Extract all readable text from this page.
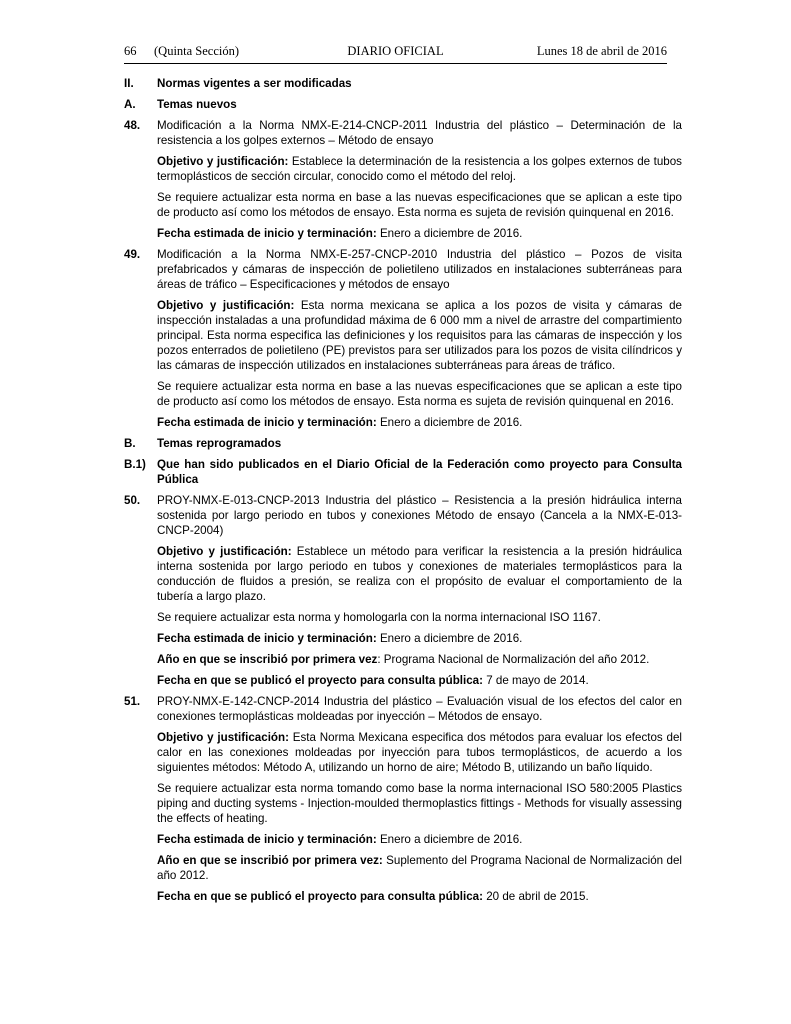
66 (Quinta Sección)	DIARIO OFICIAL	Lunes 18 de abril de 2016
II. Normas vigentes a ser modificadas
A. Temas nuevos
48. Modificación a la Norma NMX-E-214-CNCP-2011 Industria del plástico – Determinación de la resistencia a los golpes externos – Método de ensayo
Objetivo y justificación: Establece la determinación de la resistencia a los golpes externos de tubos termoplásticos de sección circular, conocido como el método del reloj.
Se requiere actualizar esta norma en base a las nuevas especificaciones que se aplican a este tipo de producto así como los métodos de ensayo. Esta norma es sujeta de revisión quinquenal en 2016.
Fecha estimada de inicio y terminación: Enero a diciembre de 2016.
49. Modificación a la Norma NMX-E-257-CNCP-2010 Industria del plástico – Pozos de visita prefabricados y cámaras de inspección de polietileno utilizados en instalaciones subterráneas para áreas de tráfico – Especificaciones y métodos de ensayo
Objetivo y justificación: Esta norma mexicana se aplica a los pozos de visita y cámaras de inspección instaladas a una profundidad máxima de 6 000 mm a nivel de arrastre del compartimiento principal. Esta norma especifica las definiciones y los requisitos para las cámaras de inspección y los pozos enterrados de polietileno (PE) previstos para ser utilizados para los pozos de visita cilíndricos y las cámaras de inspección utilizados en instalaciones subterráneas para áreas de tráfico.
Se requiere actualizar esta norma en base a las nuevas especificaciones que se aplican a este tipo de producto así como los métodos de ensayo. Esta norma es sujeta de revisión quinquenal en 2016.
Fecha estimada de inicio y terminación: Enero a diciembre de 2016.
B. Temas reprogramados
B.1) Que han sido publicados en el Diario Oficial de la Federación como proyecto para Consulta Pública
50. PROY-NMX-E-013-CNCP-2013 Industria del plástico – Resistencia a la presión hidráulica interna sostenida por largo periodo en tubos y conexiones Método de ensayo (Cancela a la NMX-E-013-CNCP-2004)
Objetivo y justificación: Establece un método para verificar la resistencia a la presión hidráulica interna sostenida por largo periodo en tubos y conexiones de materiales termoplásticos para la conducción de fluidos a presión, se realiza con el propósito de evaluar el comportamiento de la tubería a largo plazo.
Se requiere actualizar esta norma y homologarla con la norma internacional ISO 1167.
Fecha estimada de inicio y terminación: Enero a diciembre de 2016.
Año en que se inscribió por primera vez: Programa Nacional de Normalización del año 2012.
Fecha en que se publicó el proyecto para consulta pública: 7 de mayo de 2014.
51. PROY-NMX-E-142-CNCP-2014 Industria del plástico – Evaluación visual de los efectos del calor en conexiones termoplásticas moldeadas por inyección – Métodos de ensayo.
Objetivo y justificación: Esta Norma Mexicana especifica dos métodos para evaluar los efectos del calor en las conexiones moldeadas por inyección para tubos termoplásticos, de acuerdo a los siguientes métodos: Método A, utilizando un horno de aire; Método B, utilizando un baño líquido.
Se requiere actualizar esta norma tomando como base la norma internacional ISO 580:2005 Plastics piping and ducting systems - Injection-moulded thermoplastics fittings - Methods for visually assessing the effects of heating.
Fecha estimada de inicio y terminación: Enero a diciembre de 2016.
Año en que se inscribió por primera vez: Suplemento del Programa Nacional de Normalización del año 2012.
Fecha en que se publicó el proyecto para consulta pública: 20 de abril de 2015.
